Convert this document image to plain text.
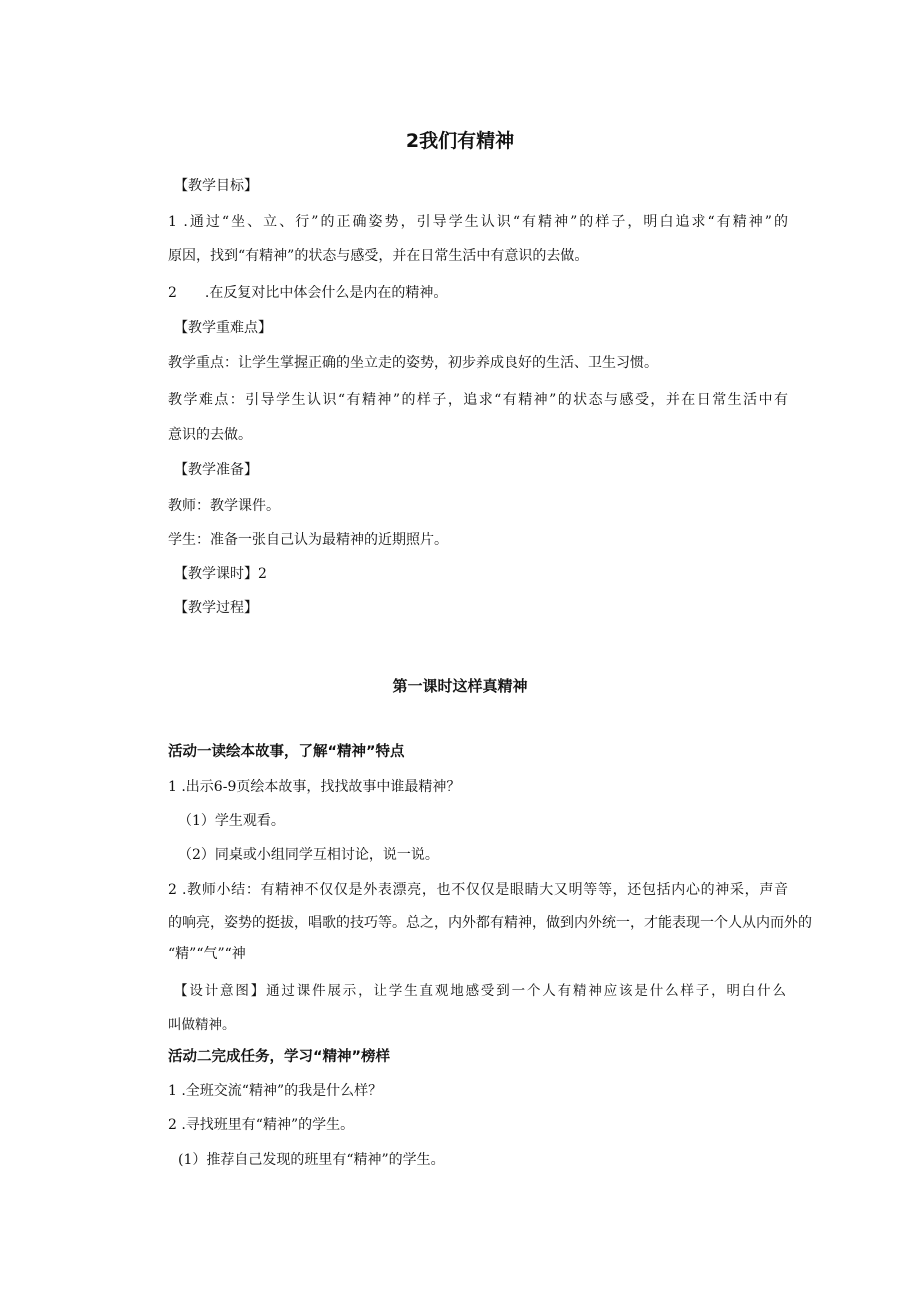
2我们有精神
【教学目标】
1 .通过“坐、立、行”的正确姿势，引导学生认识“有精神”的样子，明白追求“有精神”的
原因，找到“有精神”的状态与感受，并在日常生活中有意识的去做。
2　　.在反复对比中体会什么是内在的精神。
【教学重难点】
教学重点：让学生掌握正确的坐立走的姿势，初步养成良好的生活、卫生习惯。
教学难点：引导学生认识“有精神”的样子，追求“有精神”的状态与感受，并在日常生活中有
意识的去做。
【教学准备】
教师：教学课件。
学生：准备一张自己认为最精神的近期照片。
【教学课时】2
【教学过程】
第一课时这样真精神
活动一读绘本故事，了解“精神”特点
1 .出示6-9页绘本故事，找找故事中谁最精神？
（1）学生观看。
（2）同桌或小组同学互相讨论，说一说。
2 .教师小结：有精神不仅仅是外表漂亮，也不仅仅是眼睛大又明等等，还包括内心的神采，声音
的响亮，姿势的挺拔，唱歌的技巧等。总之，内外都有精神，做到内外统一，才能表现一个人从内而外的
“精”“气”“神
【设计意图】通过课件展示，让学生直观地感受到一个人有精神应该是什么样子，明白什么
叫做精神。
活动二完成任务，学习“精神”榜样
1 .全班交流“精神”的我是什么样？
2 .寻找班里有“精神”的学生。
(1）推荐自己发现的班里有“精神”的学生。
